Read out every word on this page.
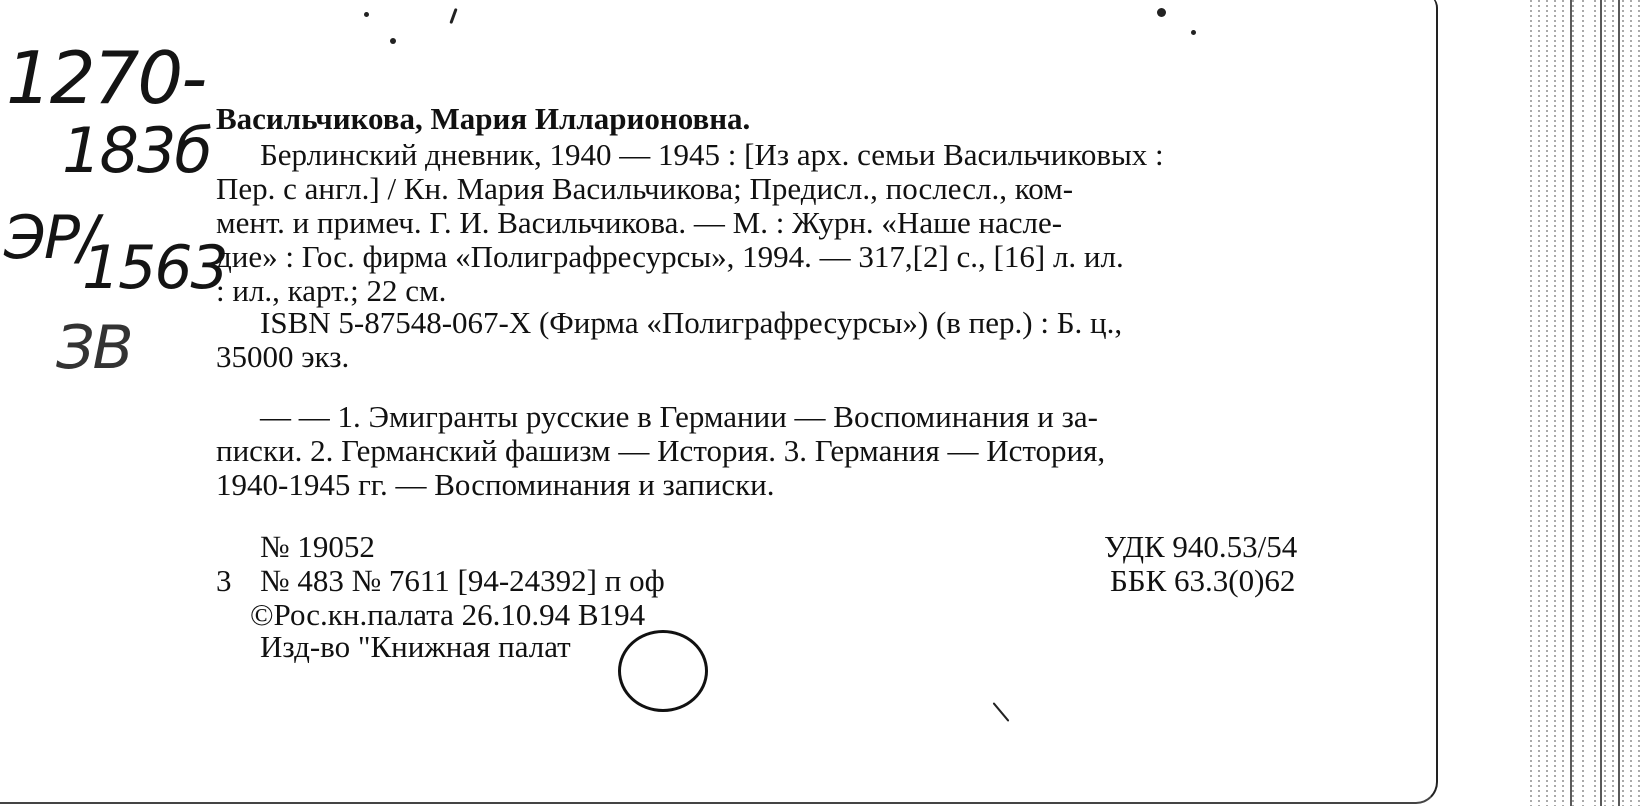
1270-
183б
ЭР/
1563
ЗВ
Васильчикова, Мария Илларионовна.
Берлинский дневник, 1940 — 1945 : [Из арх. семьи Васильчиковых :
Пер. с англ.] / Кн. Мария Васильчикова; Предисл., послесл., ком-
мент. и примеч. Г. И. Васильчикова. — М. : Журн. «Наше насле-
дие» : Гос. фирма «Полиграфресурсы», 1994. — 317,[2] с., [16] л. ил.
: ил., карт.; 22 см.
ISBN 5-87548-067-X (Фирма «Полиграфресурсы») (в пер.) : Б. ц.,
35000 экз.
— — 1. Эмигранты русские в Германии — Воспоминания и за-
писки. 2. Германский фашизм — История. 3. Германия — История,
1940-1945 гг. — Воспоминания и записки.
№ 19052	УДК 940.53/54
3 № 483 № 7611 [94-24392] п оф	ББК 63.3(0)62
©Рос.кн.палата 26.10.94 В194
Изд-во "Книжная палат
